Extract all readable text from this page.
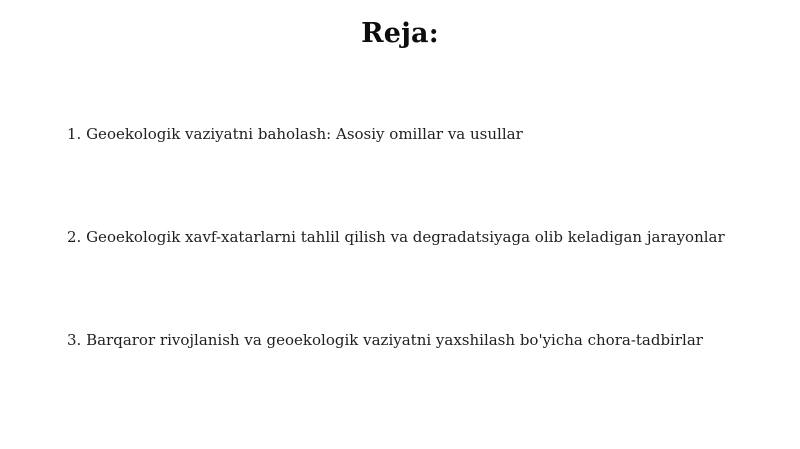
Reja:
1. Geoekologik vaziyatni baholash: Asosiy omillar va usullar
2. Geoekologik xavf-xatarlarni tahlil qilish va degradatsiyaga olib keladigan jarayonlar
3. Barqaror rivojlanish va geoekologik vaziyatni yaxshilash bo'yicha chora-tadbirlar
